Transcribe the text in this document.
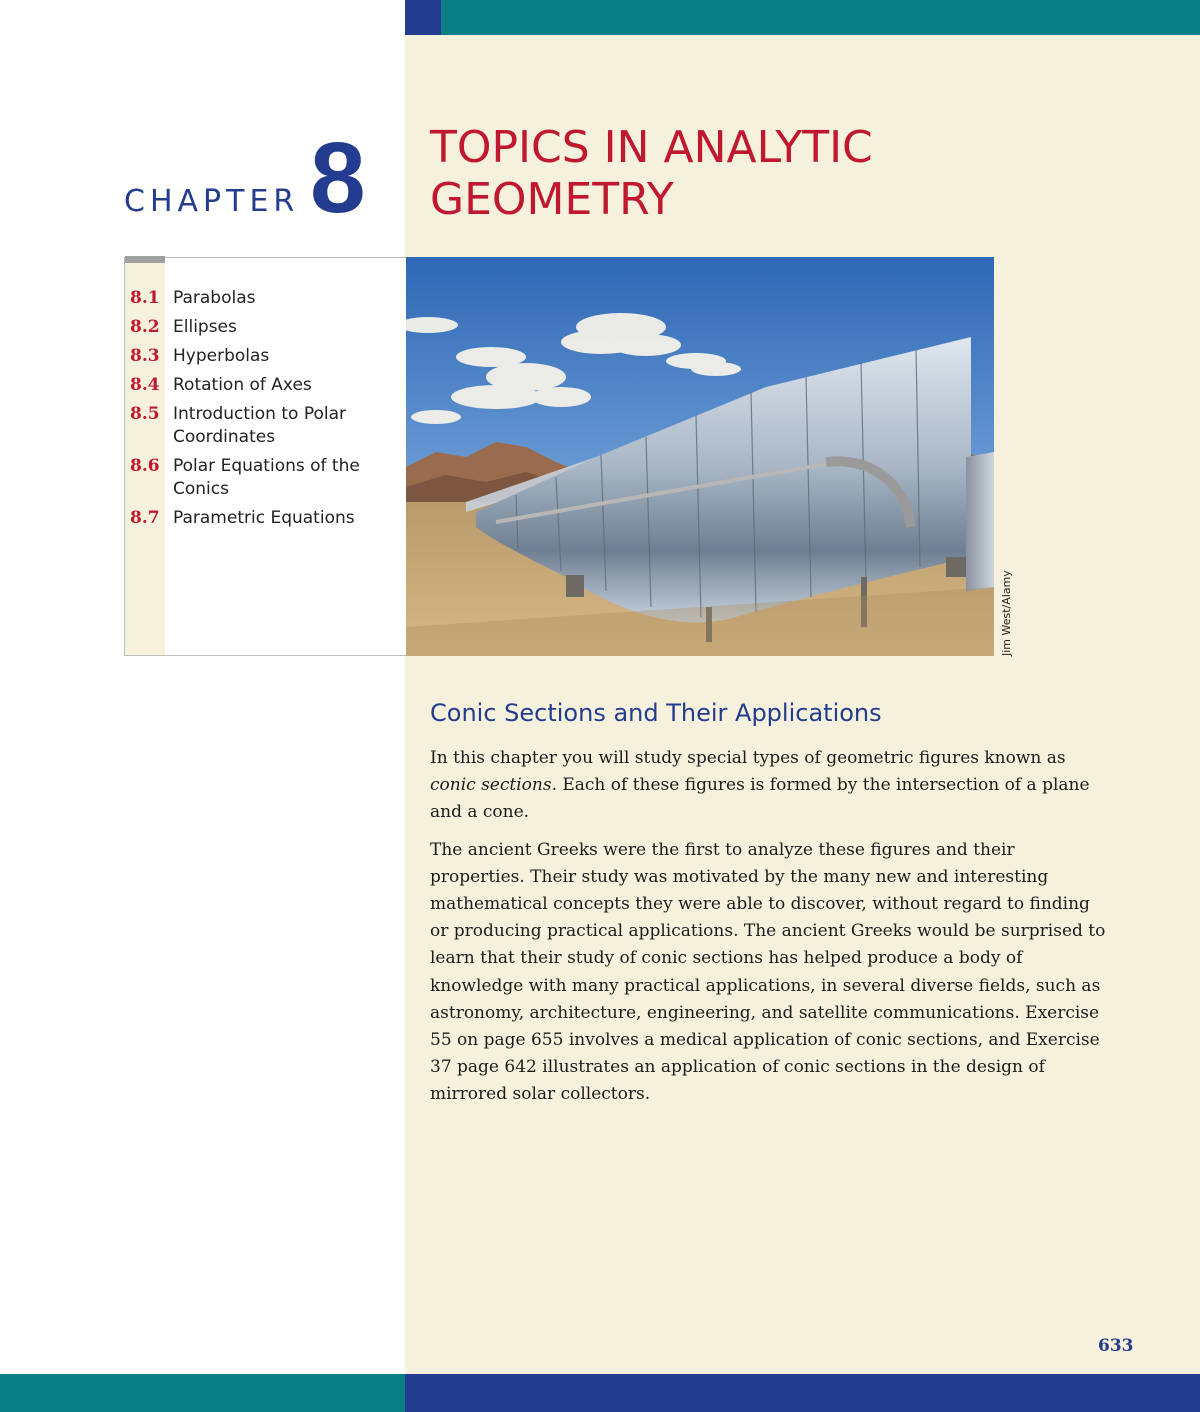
CHAPTER 8 TOPICS IN ANALYTIC
GEOMETRY
8.1 Parabolas
8.2 Ellipses
8.3 Hyperbolas
8.4 Rotation of Axes
8.5 Introduction to Polar Coordinates
8.6 Polar Equations of the Conics
8.7 Parametric Equations
Jim West/Alamy
Conic Sections and Their Applications

In this chapter you will study special types of geometric figures known as conic sections. Each of these figures is formed by the intersection of a plane and a cone.

The ancient Greeks were the first to analyze these figures and their properties. Their study was motivated by the many new and interesting mathematical concepts they were able to discover, without regard to finding or producing practical applications. The ancient Greeks would be surprised to learn that their study of conic sections has helped produce a body of knowledge with many practical applications, in several diverse fields, such as astronomy, architecture, engineering, and satellite communications. Exercise 55 on page 655 involves a medical application of conic sections, and Exercise 37 page 642 illustrates an application of conic sections in the design of mirrored solar collectors.

633
